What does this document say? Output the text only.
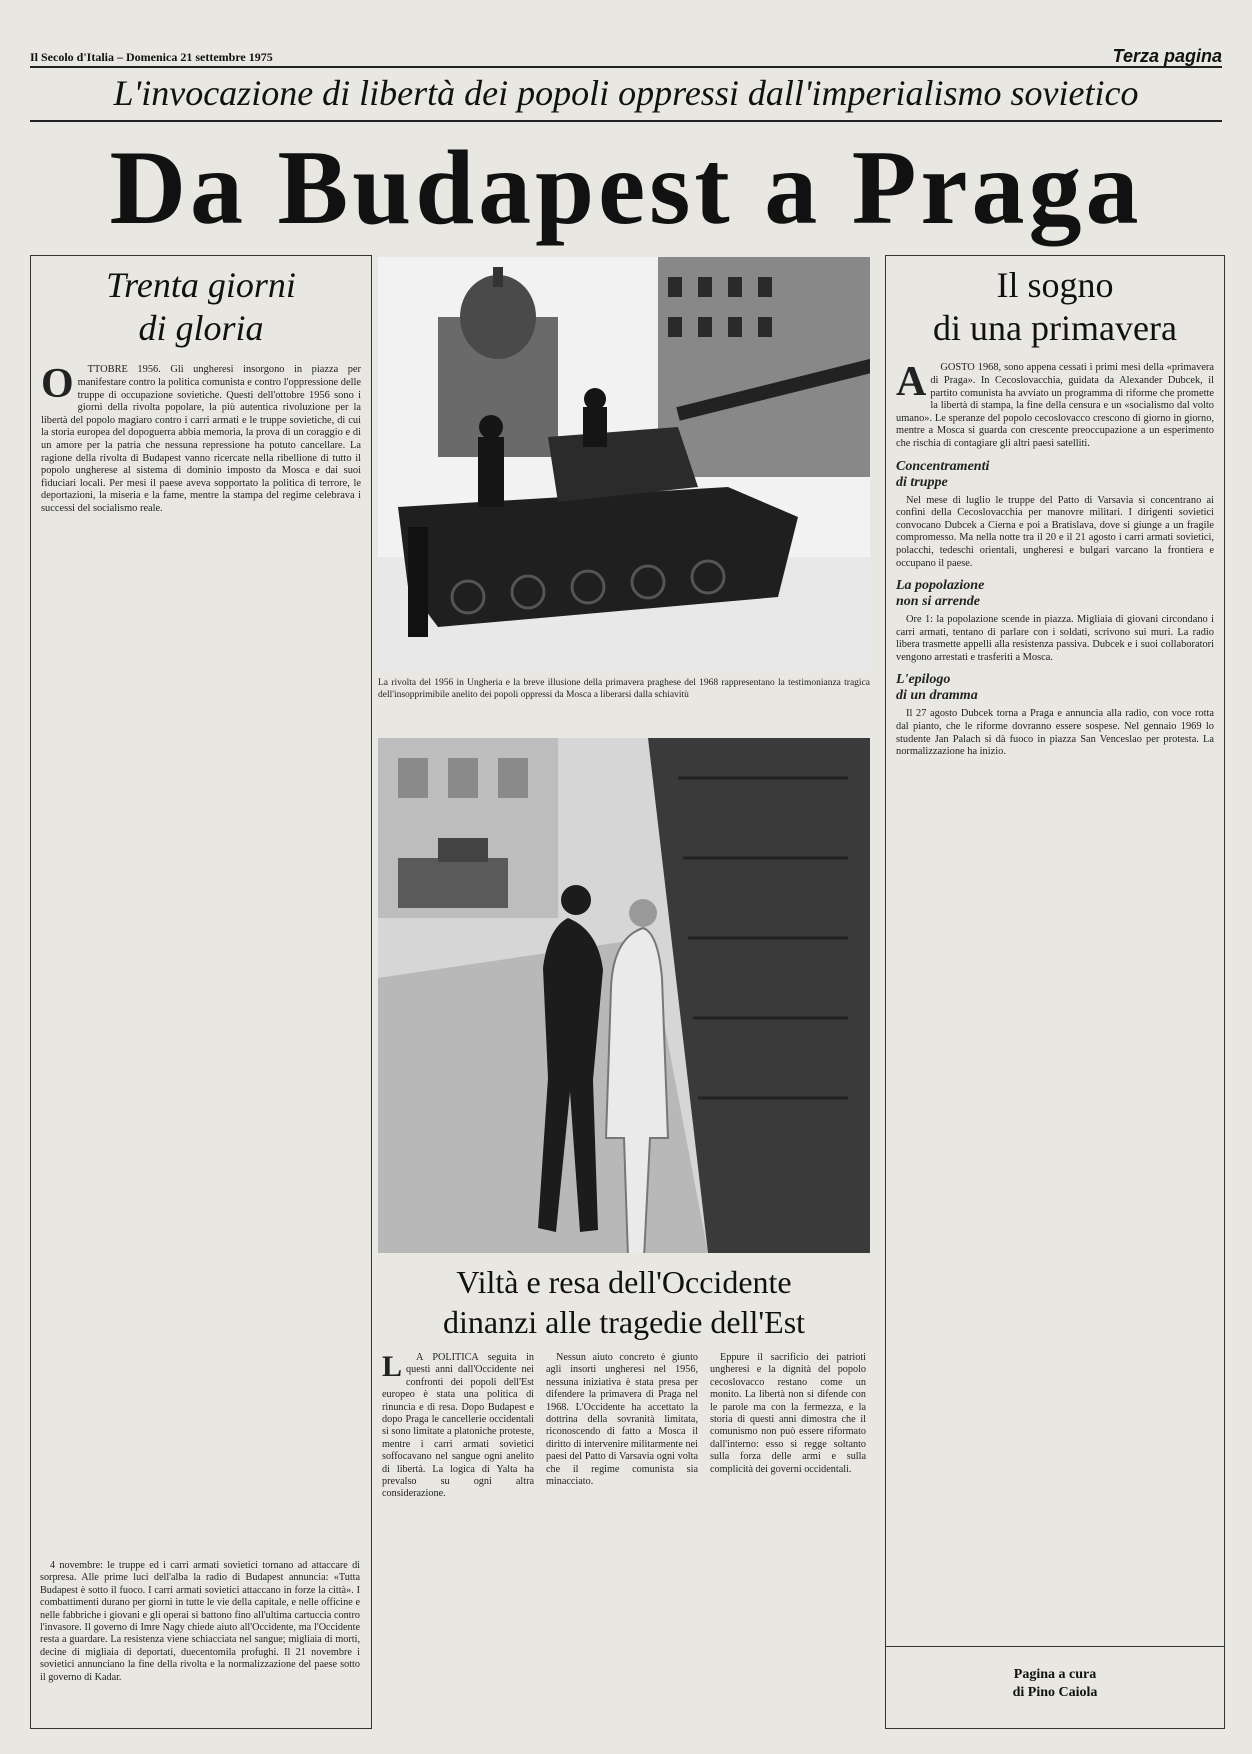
Il Secolo d'Italia – Domenica 21 settembre 1975	Terza pagina
L'invocazione di libertà dei popoli oppressi dall'imperialismo sovietico
Da Budapest a Praga
Trenta giorni
di gloria
O	TTOBRE 1956. Gli ungheresi insorgono in piazza per manifestare contro la politica comunista e contro l'oppressione delle truppe di occupazione sovietiche. Questi dell'ottobre 1956 sono i giorni della rivolta popolare, la più autentica rivoluzione per la libertà del popolo magiaro contro i carri armati e le truppe sovietiche, di cui la storia europea del dopoguerra abbia memoria, la prova di un coraggio e di un amore per la patria che nessuna repressione ha potuto cancellare. La ragione della rivolta di Budapest vanno ricercate nella ribellione di tutto il popolo ungherese al sistema di dominio imposto da Mosca e dai suoi fiduciari locali. Per mesi il paese aveva sopportato la politica di terrore, le deportazioni, la miseria e la fame, mentre la stampa del regime celebrava i successi del socialismo reale.

La rivolta del 1956 in Ungheria e la breve illusione della primavera praghese del 1968 rappresentano la testimonianza tragica dell'insopprimibile anelito dei popoli oppressi da Mosca a liberarsi dalla schiavitù
Viltà e resa dell'Occidente
dinanzi alle tragedie dell'Est
L	A POLITICA seguita in questi anni dall'Occidente nei confronti dei popoli dell'Est europeo è stata una politica di rinuncia e di resa. Dopo Budapest e dopo Praga le cancellerie occidentali si sono limitate a platoniche proteste, mentre i carri armati sovietici soffocavano nel sangue ogni anelito di libertà. La logica di Yalta ha prevalso su ogni altra considerazione.

Nessun aiuto concreto è giunto agli insorti ungheresi nel 1956, nessuna iniziativa è stata presa per difendere la primavera di Praga nel 1968. L'Occidente ha accettato la dottrina della sovranità limitata, riconoscendo di fatto a Mosca il diritto di intervenire militarmente nei paesi del Patto di Varsavia ogni volta che il regime comunista sia minacciato.

Eppure il sacrificio dei patrioti ungheresi e la dignità del popolo cecoslovacco restano come un monito. La libertà non si difende con le parole ma con la fermezza, e la storia di questi anni dimostra che il comunismo non può essere riformato dall'interno: esso si regge soltanto sulla forza delle armi e sulla complicità dei governi occidentali.

Il sogno
di una primavera
A	GOSTO 1968, sono appena cessati i primi mesi della «primavera di Praga». In Cecoslovacchia, guidata da Alexander Dubcek, il partito comunista ha avviato un programma di riforme che promette la libertà di stampa, la fine della censura e un «socialismo dal volto umano». Le speranze del popolo cecoslovacco crescono di giorno in giorno, mentre a Mosca si guarda con crescente preoccupazione a un esperimento che rischia di contagiare gli altri paesi satelliti.

Concentramenti
di truppe

Nel mese di luglio le truppe del Patto di Varsavia si concentrano ai confini della Cecoslovacchia per manovre militari. I dirigenti sovietici convocano Dubcek a Cierna e poi a Bratislava, dove si giunge a un fragile compromesso. Ma nella notte tra il 20 e il 21 agosto i carri armati sovietici, polacchi, tedeschi orientali, ungheresi e bulgari varcano la frontiera e occupano il paese.

La popolazione
non si arrende

Ore 1: la popolazione scende in piazza. Migliaia di giovani circondano i carri armati, tentano di parlare con i soldati, scrivono sui muri. La radio libera trasmette appelli alla resistenza passiva. Dubcek e i suoi collaboratori vengono arrestati e trasferiti a Mosca.

L'epilogo
di un dramma

Il 27 agosto Dubcek torna a Praga e annuncia alla radio, con voce rotta dal pianto, che le riforme dovranno essere sospese. Nel gennaio 1969 lo studente Jan Palach si dà fuoco in piazza San Venceslao per protesta. La normalizzazione ha inizio.

Pagina a cura
di Pino Caiola

4 novembre: le truppe ed i carri armati sovietici tornano ad attaccare di sorpresa. Alle prime luci dell'alba la radio di Budapest annuncia: «Tutta Budapest è sotto il fuoco. I carri armati sovietici attaccano in forze la città». I combattimenti durano per giorni in tutte le vie della capitale, e nelle officine e nelle fabbriche i giovani e gli operai si battono fino all'ultima cartuccia contro l'invasore. Il governo di Imre Nagy chiede aiuto all'Occidente, ma l'Occidente resta a guardare. La resistenza viene schiacciata nel sangue; migliaia di morti, decine di migliaia di deportati, duecentomila profughi. Il 21 novembre i sovietici annunciano la fine della rivolta e la normalizzazione del paese sotto il governo di Kadar.
